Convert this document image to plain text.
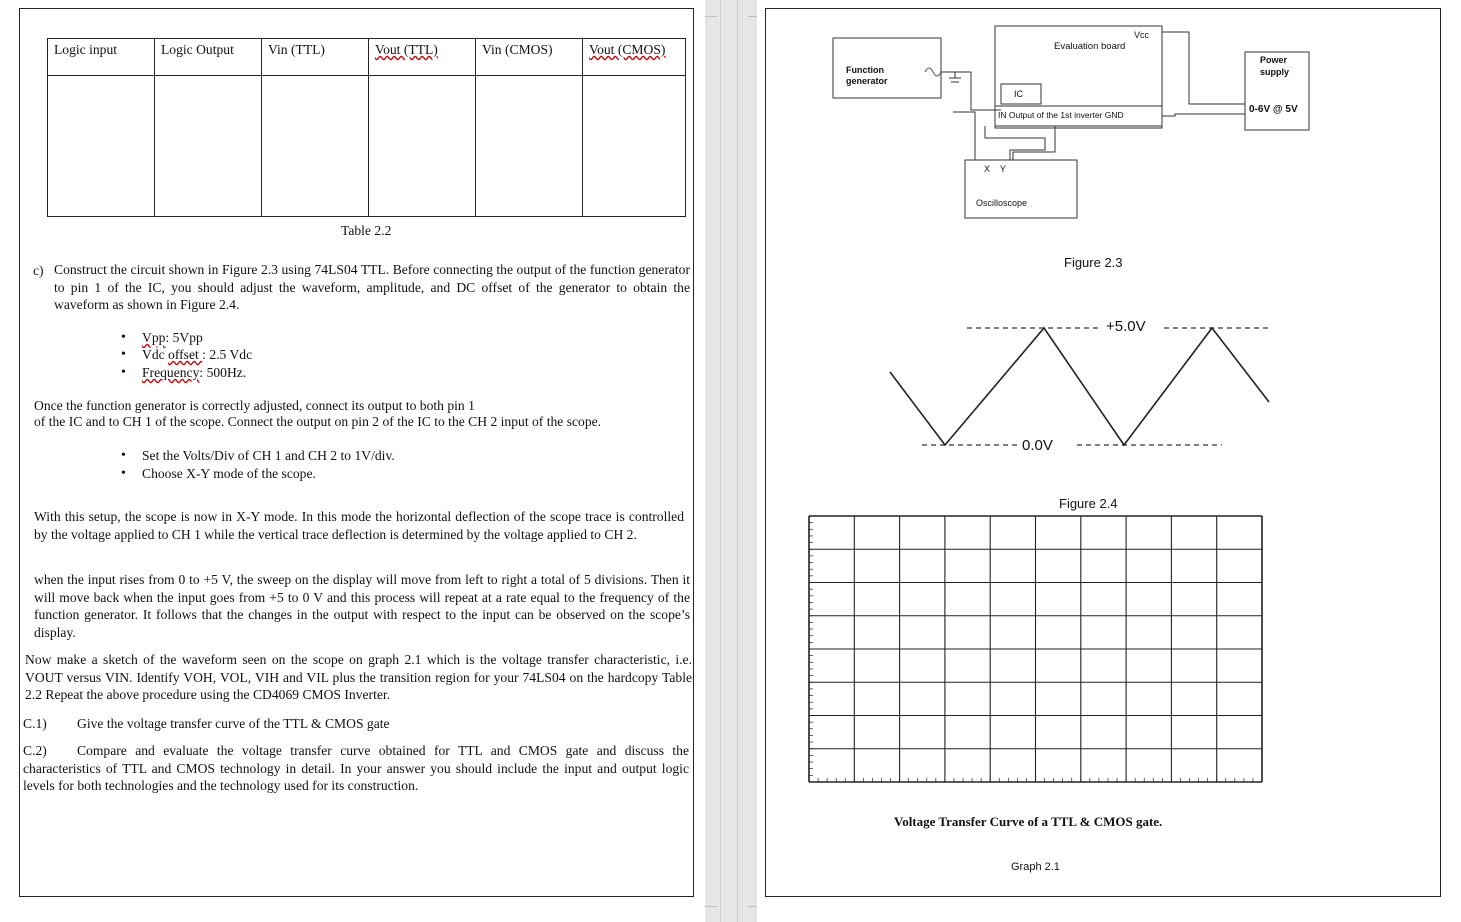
Logic input	Logic Output	Vin (TTL)	Vout (TTL)	Vin (CMOS)	Vout (CMOS)

Table 2.2
c) Construct the circuit shown in Figure 2.3 using 74LS04 TTL. Before connecting the output of the function generator to pin 1 of the IC, you should adjust the waveform, amplitude, and DC offset of the generator to obtain the waveform as shown in Figure 2.4.
• Vpp: 5Vpp
• Vdc offset : 2.5 Vdc
• Frequency: 500Hz.
Once the function generator is correctly adjusted, connect its output to both pin 1
of the IC and to CH 1 of the scope. Connect the output on pin 2 of the IC to the CH 2 input of the scope.
• Set the Volts/Div of CH 1 and CH 2 to 1V/div.
• Choose X-Y mode of the scope.
With this setup, the scope is now in X-Y mode. In this mode the horizontal deflection of the scope trace is controlled by the voltage applied to CH 1 while the vertical trace deflection is determined by the voltage applied to CH 2.
when the input rises from 0 to +5 V, the sweep on the display will move from left to right a total of 5 divisions. Then it will move back when the input goes from +5 to 0 V and this process will repeat at a rate equal to the frequency of the function generator. It follows that the changes in the output with respect to the input can be observed on the scope’s display.
Now make a sketch of the waveform seen on the scope on graph 2.1 which is the voltage transfer characteristic, i.e. VOUT versus VIN. Identify VOH, VOL, VIH and VIL plus the transition region for your 74LS04 on the hardcopy Table 2.2 Repeat the above procedure using the CD4069 CMOS Inverter.
C.1) Give the voltage transfer curve of the TTL & CMOS gate
C.2) Compare and evaluate the voltage transfer curve obtained for TTL and CMOS gate and discuss the characteristics of TTL and CMOS technology in detail. In your answer you should include the input and output logic levels for both technologies and the technology used for its construction.
Vcc
Evaluation board
Function
generator
IC
IN Output of the 1st inverter GND
Power
supply
0-6V @ 5V
X    Y
Oscilloscope
Figure 2.3
+5.0V
0.0V
Figure 2.4
Voltage Transfer Curve of a TTL & CMOS gate.
Graph 2.1
